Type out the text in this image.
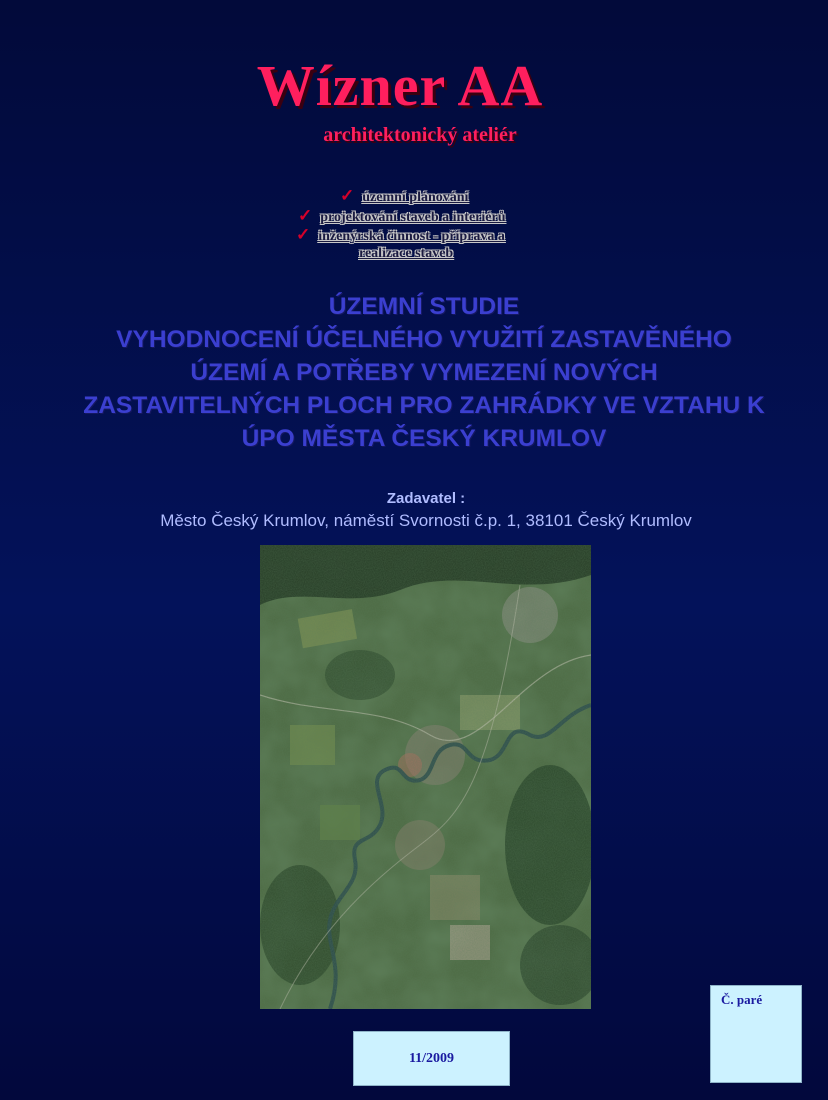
Wízner AA
architektonický ateliér
✓ územní plánování
✓ projektování staveb a interiérů
✓ inženýrská činnost - příprava a
realizace staveb
ÚZEMNÍ STUDIE
VYHODNOCENÍ ÚČELNÉHO VYUŽITÍ ZASTAVĚNÉHO
ÚZEMÍ A POTŘEBY VYMEZENÍ NOVÝCH
ZASTAVITELNÝCH PLOCH PRO ZAHRÁDKY VE VZTAHU K
ÚPO MĚSTA ČESKÝ KRUMLOV
Zadavatel :
Město Český Krumlov, náměstí Svornosti č.p. 1, 38101 Český Krumlov
11/2009
Č. paré
